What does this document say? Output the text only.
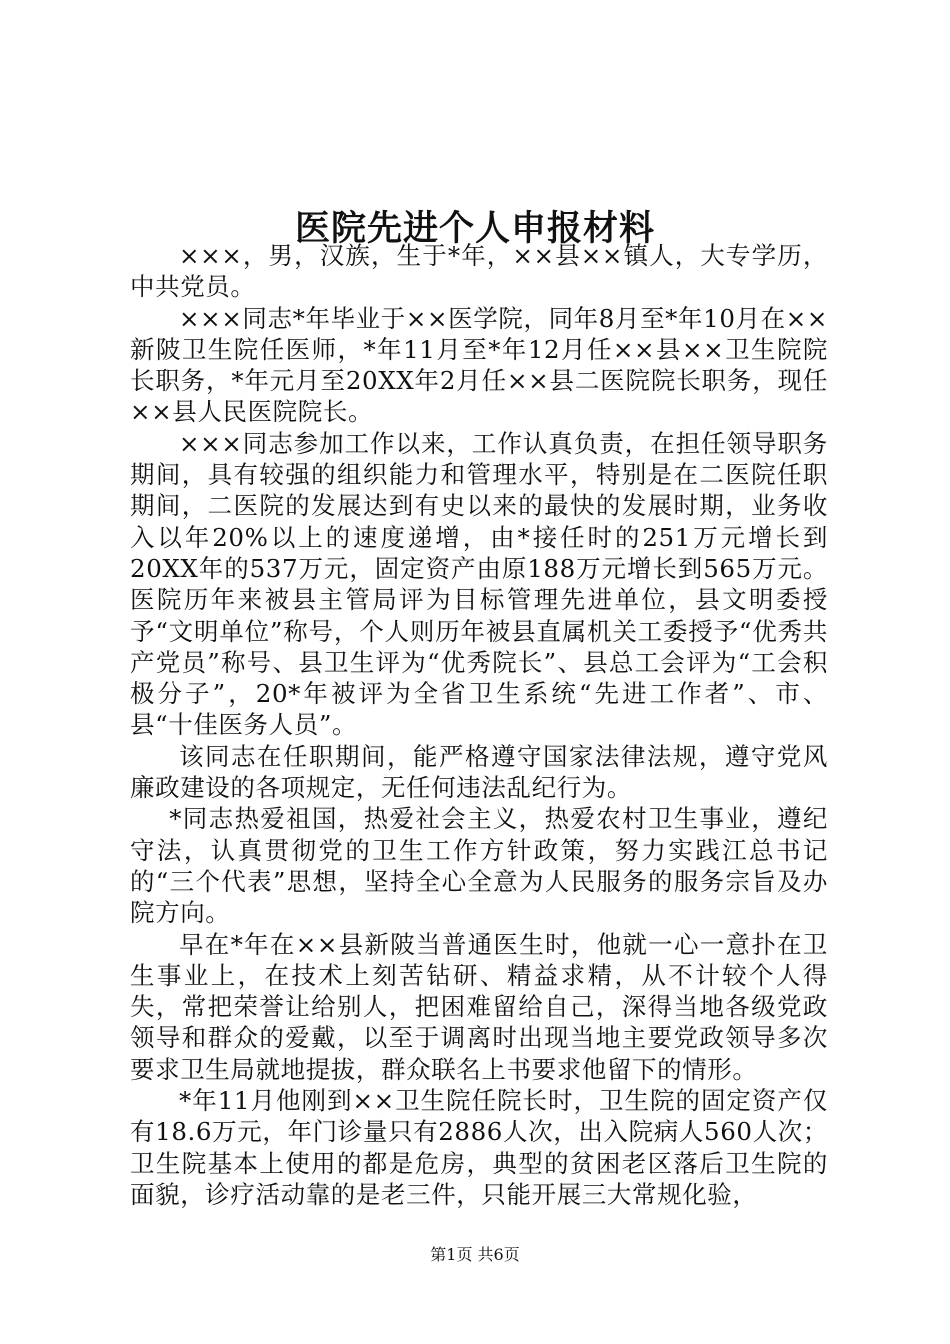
医院先进个人申报材料

×××，男，汉族，生于*年，××县××镇人，大专学历，中共党员。

×××同志*年毕业于××医学院，同年8月至*年10月在××新陂卫生院任医师，*年11月至*年12月任××县××卫生院院长职务，*年元月至20XX年2月任××县二医院院长职务，现任××县人民医院院长。

×××同志参加工作以来，工作认真负责，在担任领导职务期间，具有较强的组织能力和管理水平，特别是在二医院任职期间，二医院的发展达到有史以来的最快的发展时期，业务收入以年20%以上的速度递增，由*接任时的251万元增长到20XX年的537万元，固定资产由原188万元增长到565万元。医院历年来被县主管局评为目标管理先进单位，县文明委授予“文明单位”称号，个人则历年被县直属机关工委授予“优秀共产党员”称号、县卫生评为“优秀院长”、县总工会评为“工会积极分子”，20*年被评为全省卫生系统“先进工作者”、市、县“十佳医务人员”。

该同志在任职期间，能严格遵守国家法律法规，遵守党风廉政建设的各项规定，无任何违法乱纪行为。

*同志热爱祖国，热爱社会主义，热爱农村卫生事业，遵纪守法，认真贯彻党的卫生工作方针政策，努力实践江总书记的“三个代表”思想，坚持全心全意为人民服务的服务宗旨及办院方向。

早在*年在××县新陂当普通医生时，他就一心一意扑在卫生事业上，在技术上刻苦钻研、精益求精，从不计较个人得失，常把荣誉让给别人，把困难留给自己，深得当地各级党政领导和群众的爱戴，以至于调离时出现当地主要党政领导多次要求卫生局就地提拔，群众联名上书要求他留下的情形。

*年11月他刚到××卫生院任院长时，卫生院的固定资产仅有18.6万元，年门诊量只有2886人次，出入院病人560人次；卫生院基本上使用的都是危房，典型的贫困老区落后卫生院的面貌，诊疗活动靠的是老三件，只能开展三大常规化验，

第1页 共6页
